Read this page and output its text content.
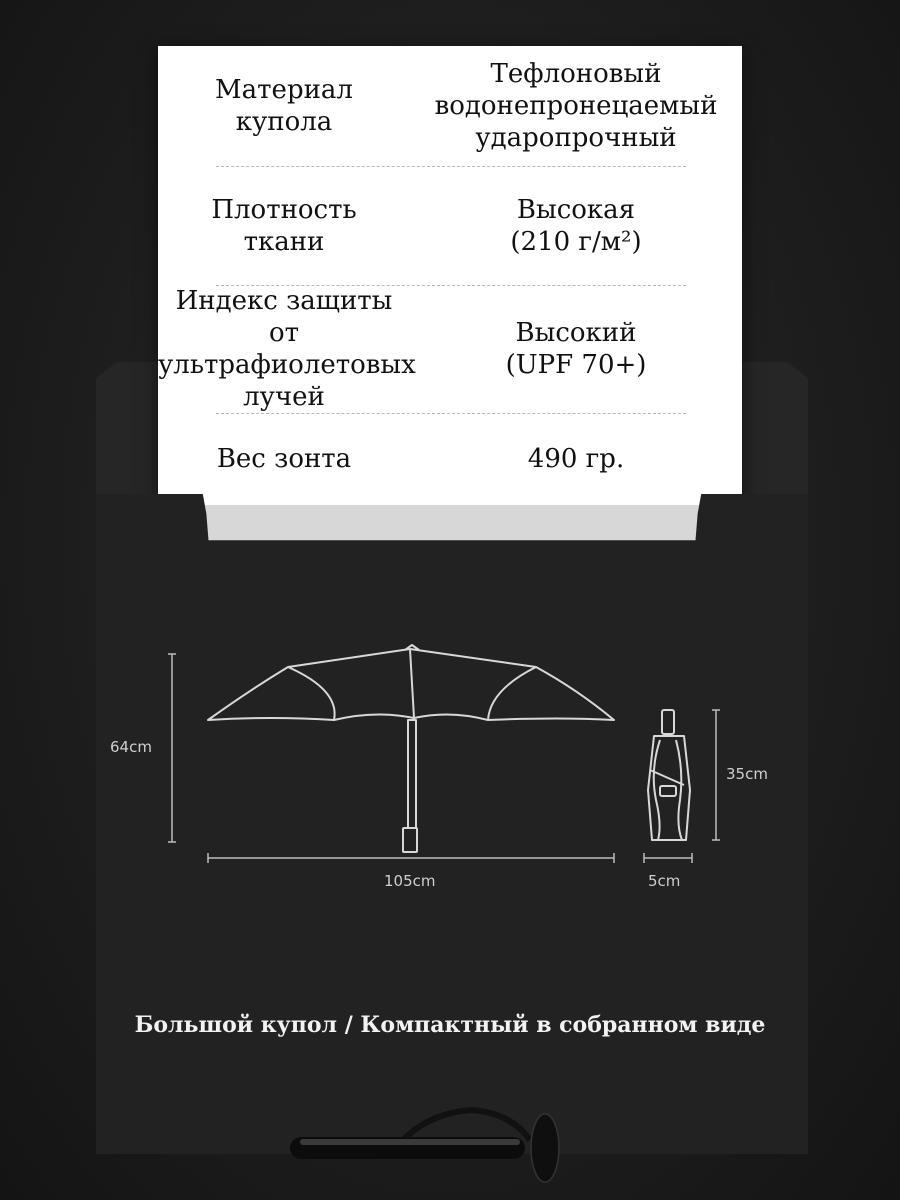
Материал
купола
Тефлоновый
водонепронецаемый
ударопрочный
Плотность
ткани
Высокая
(210 г/м²)
Индекс защиты от
ультрафиолетовых
лучей
Высокий
(UPF 70+)
Вес зонта	490 гр.
64cm
105cm
35cm
5cm
Большой купол / Компактный в собранном виде
